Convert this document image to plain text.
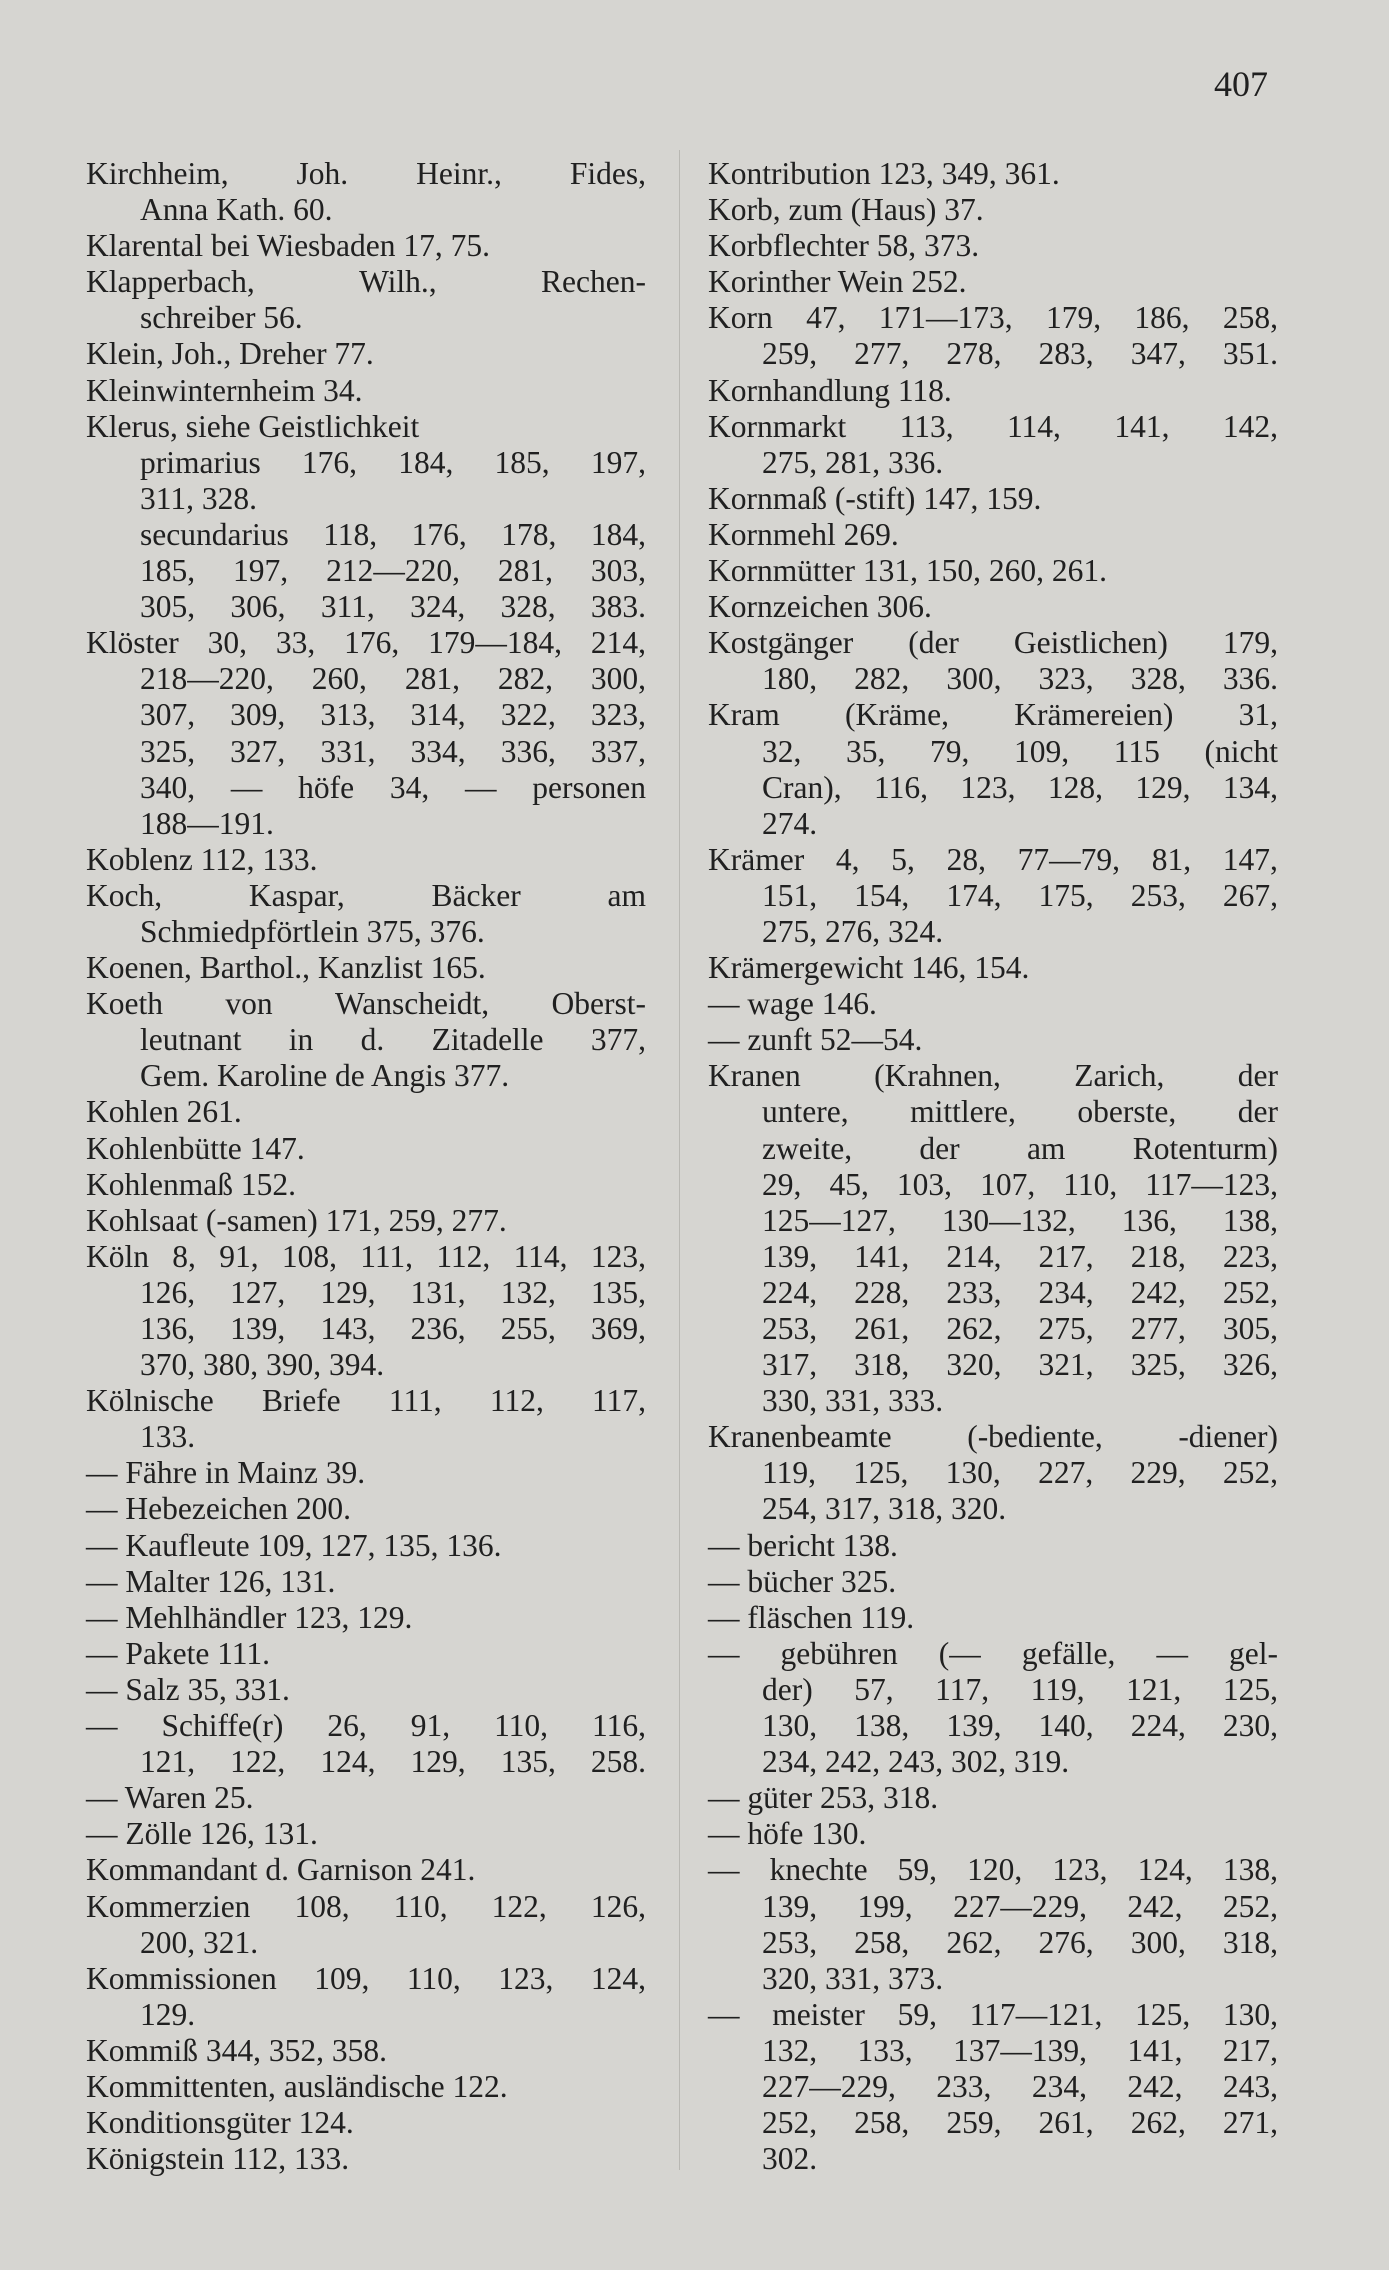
407
Kirchheim, Joh. Heinr., Fides,
Anna Kath. 60.
Klarental bei Wiesbaden 17, 75.
Klapperbach,	Wilh.,	Rechen-
schreiber 56.
Klein, Joh., Dreher 77.
Kleinwinternheim 34.
Klerus, siehe Geistlichkeit
primarius 176, 184, 185, 197,
311, 328.
secundarius 118, 176, 178, 184,
185, 197, 212—220, 281, 303,
305, 306, 311, 324, 328, 383.
Klöster 30, 33, 176, 179—184, 214,
218—220, 260, 281, 282, 300,
307, 309, 313, 314, 322, 323,
325, 327, 331, 334, 336, 337,
340, — höfe 34, — personen
188—191.
Koblenz 112, 133.
Koch,	Kaspar,	Bäcker	am
Schmiedpförtlein 375, 376.
Koenen, Barthol., Kanzlist 165.
Koeth von Wanscheidt, Oberst-
leutnant in d. Zitadelle 377,
Gem. Karoline de Angis 377.
Kohlen 261.
Kohlenbütte 147.
Kohlenmaß 152.
Kohlsaat (-samen) 171, 259, 277.
Köln 8, 91, 108, 111, 112, 114, 123,
126, 127, 129, 131, 132, 135,
136, 139, 143, 236, 255, 369,
370, 380, 390, 394.
Kölnische Briefe 111, 112, 117,
133.
— Fähre in Mainz 39.
— Hebezeichen 200.
— Kaufleute 109, 127, 135, 136.
— Malter 126, 131.
— Mehlhändler 123, 129.
— Pakete 111.
— Salz 35, 331.
— Schiffe(r) 26, 91, 110, 116,
121, 122, 124, 129, 135, 258.
— Waren 25.
— Zölle 126, 131.
Kommandant d. Garnison 241.
Kommerzien 108, 110, 122, 126,
200, 321.
Kommissionen 109, 110, 123, 124,
129.
Kommiß 344, 352, 358.
Kommittenten, ausländische 122.
Konditionsgüter 124.
Königstein 112, 133.
Kontribution 123, 349, 361.
Korb, zum (Haus) 37.
Korbflechter 58, 373.
Korinther Wein 252.
Korn 47, 171—173, 179, 186, 258,
259, 277, 278, 283, 347, 351.
Kornhandlung 118.
Kornmarkt 113, 114, 141, 142,
275, 281, 336.
Kornmaß (-stift) 147, 159.
Kornmehl 269.
Kornmütter 131, 150, 260, 261.
Kornzeichen 306.
Kostgänger (der Geistlichen) 179,
180, 282, 300, 323, 328, 336.
Kram (Kräme, Krämereien) 31,
32, 35, 79, 109, 115 (nicht
Cran), 116, 123, 128, 129, 134,
274.
Krämer 4, 5, 28, 77—79, 81, 147,
151, 154, 174, 175, 253, 267,
275, 276, 324.
Krämergewicht 146, 154.
— wage 146.
— zunft 52—54.
Kranen (Krahnen, Zarich, der
untere, mittlere, oberste, der
zweite, der am Rotenturm)
29, 45, 103, 107, 110, 117—123,
125—127, 130—132, 136, 138,
139, 141, 214, 217, 218, 223,
224, 228, 233, 234, 242, 252,
253, 261, 262, 275, 277, 305,
317, 318, 320, 321, 325, 326,
330, 331, 333.
Kranenbeamte (-bediente, -diener)
119, 125, 130, 227, 229, 252,
254, 317, 318, 320.
— bericht 138.
— bücher 325.
— fläschen 119.
— gebühren (— gefälle, — gel-
der) 57, 117, 119, 121, 125,
130, 138, 139, 140, 224, 230,
234, 242, 243, 302, 319.
— güter 253, 318.
— höfe 130.
— knechte 59, 120, 123, 124, 138,
139, 199, 227—229, 242, 252,
253, 258, 262, 276, 300, 318,
320, 331, 373.
— meister 59, 117—121, 125, 130,
132, 133, 137—139, 141, 217,
227—229, 233, 234, 242, 243,
252, 258, 259, 261, 262, 271,
302.
